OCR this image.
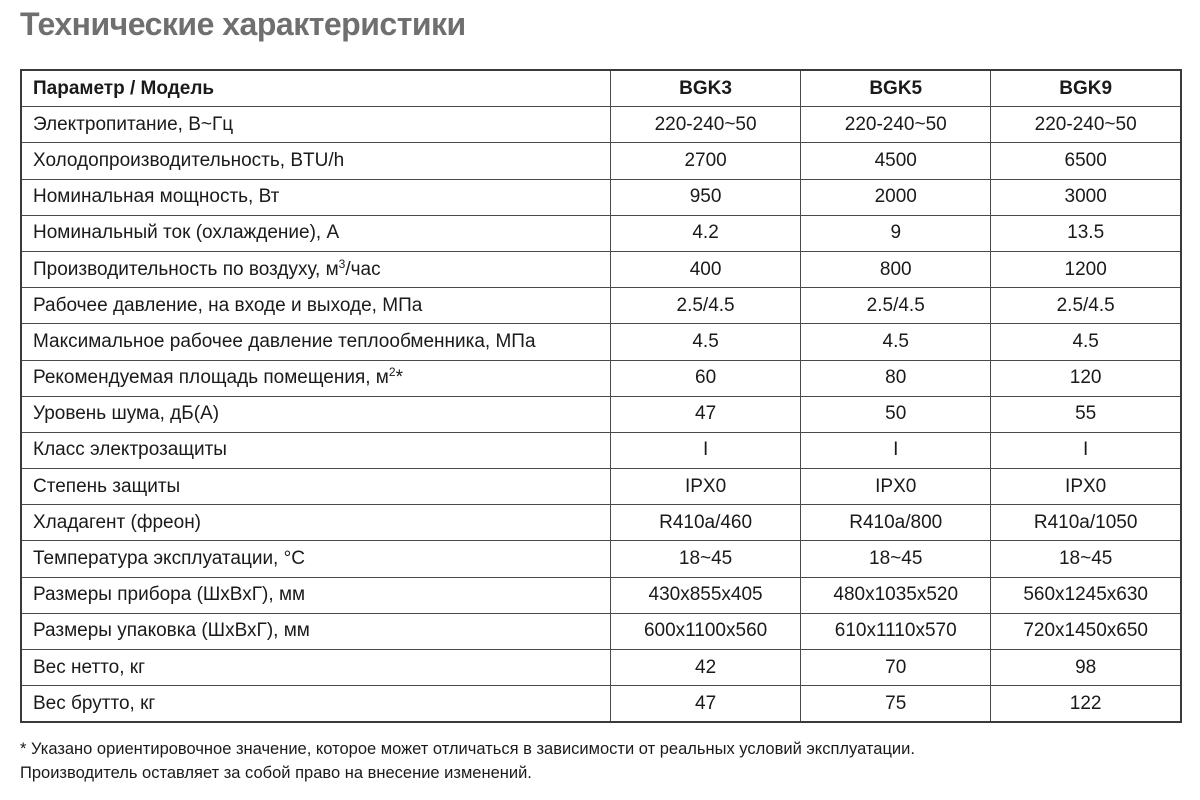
Технические характеристики
Параметр / Модель	BGK3	BGK5	BGK9
Электропитание, В~Гц	220-240~50	220-240~50	220-240~50
Холодопроизводительность, BTU/h	2700	4500	6500
Номинальная мощность, Вт	950	2000	3000
Номинальный ток (охлаждение), А	4.2	9	13.5
Производительность по воздуху, $м^3$/час	400	800	1200
Рабочее давление, на входе и выходе, МПа	2.5/4.5	2.5/4.5	2.5/4.5
Максимальное рабочее давление теплообменника, МПа	4.5	4.5	4.5
Рекомендуемая площадь помещения, $м^2*$	60	80	120
Уровень шума, дБ(А)	47	50	55
Класс электрозащиты	I	I	I
Степень защиты	IPX0	IPX0	IPX0
Хладагент (фреон)	R410a/460	R410a/800	R410a/1050
Температура эксплуатации, °С	18~45	18~45	18~45
Размеры прибора (ШхВхГ), мм	430x855x405	480x1035x520	560x1245x630
Размеры упаковка (ШхВхГ), мм	600x1100x560	610x1110x570	720x1450x650
Вес нетто, кг	42	70	98
Вес брутто, кг	47	75	122
* Указано ориентировочное значение, которое может отличаться в зависимости от реальных условий эксплуатации.
Производитель оставляет за собой право на внесение изменений.
